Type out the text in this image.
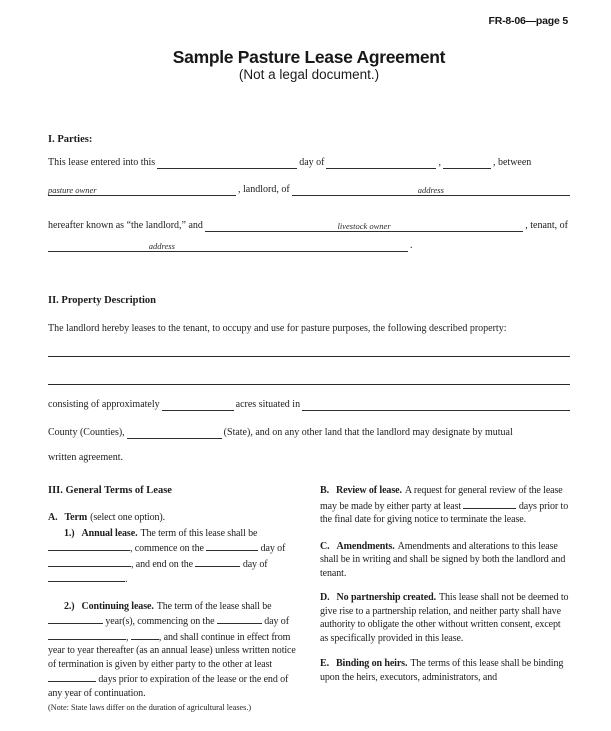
FR-8-06—page 5
Sample Pasture Lease Agreement
(Not a legal document.)
I. Parties:
This lease entered into this	day of	,	, between
pasture owner	, landlord, of	address
hereafter known as “the landlord,” and	livestock owner	, tenant, of
address	.
II. Property Description

The landlord hereby leases to the tenant, to occupy and use for pasture purposes, the following described property:

consisting of approximately	acres situated in
County (Counties),	(State), and on any other land that the landlord may designate by mutual

written agreement.

III. General Terms of Lease

A. Term (select one option).

1.) Annual lease. The term of this lease shall be , commence on the	day of , and end on the	day of .

2.) Continuing lease. The term of the lease shall be  year(s), commencing on the	day of ,	, and shall continue in effect from year to year thereafter (as an annual lease) unless written notice of termination is given by either party to the other at least  days prior to expiration of the lease or the end of any year of continuation.

(Note: State laws differ on the duration of agricultural leases.)

B. Review of lease. A request for general review of the lease may be made by either party at least	days prior to the final date for giving notice to terminate the lease.

C. Amendments. Amendments and alterations to this lease shall be in writing and shall be signed by both the landlord and tenant.

D. No partnership created. This lease shall not be deemed to give rise to a partnership relation, and neither party shall have authority to obligate the other without written consent, except as specifically provided in this lease.

E. Binding on heirs. The terms of this lease shall be binding upon the heirs, executors, administrators, and
